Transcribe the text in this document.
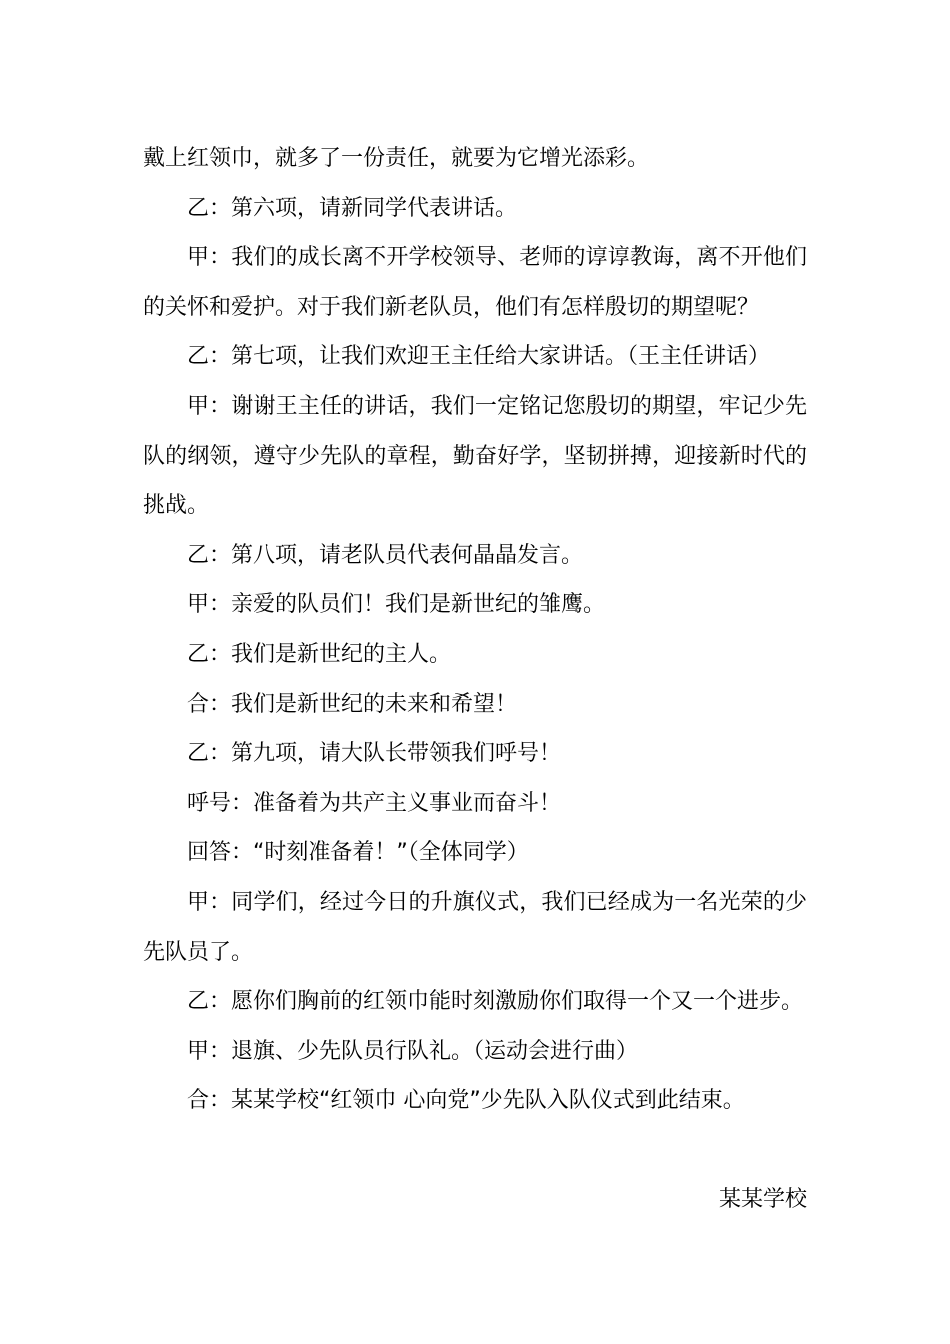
戴上红领巾，就多了一份责任，就要为它增光添彩。

乙：第六项，请新同学代表讲话。

甲：我们的成长离不开学校领导、老师的谆谆教诲，离不开他们的关怀和爱护。对于我们新老队员，他们有怎样殷切的期望呢？

乙：第七项，让我们欢迎王主任给大家讲话。（王主任讲话）

甲：谢谢王主任的讲话，我们一定铭记您殷切的期望，牢记少先队的纲领，遵守少先队的章程，勤奋好学，坚韧拼搏，迎接新时代的挑战。

乙：第八项，请老队员代表何晶晶发言。

甲：亲爱的队员们！我们是新世纪的雏鹰。

乙：我们是新世纪的主人。

合：我们是新世纪的未来和希望！

乙：第九项，请大队长带领我们呼号！

呼号：准备着为共产主义事业而奋斗！

回答：“时刻准备着！”（全体同学）

甲：同学们，经过今日的升旗仪式，我们已经成为一名光荣的少先队员了。

乙：愿你们胸前的红领巾能时刻激励你们取得一个又一个进步。

甲：退旗、少先队员行队礼。（运动会进行曲）

合：某某学校“红领巾 心向党”少先队入队仪式到此结束。

某某学校
